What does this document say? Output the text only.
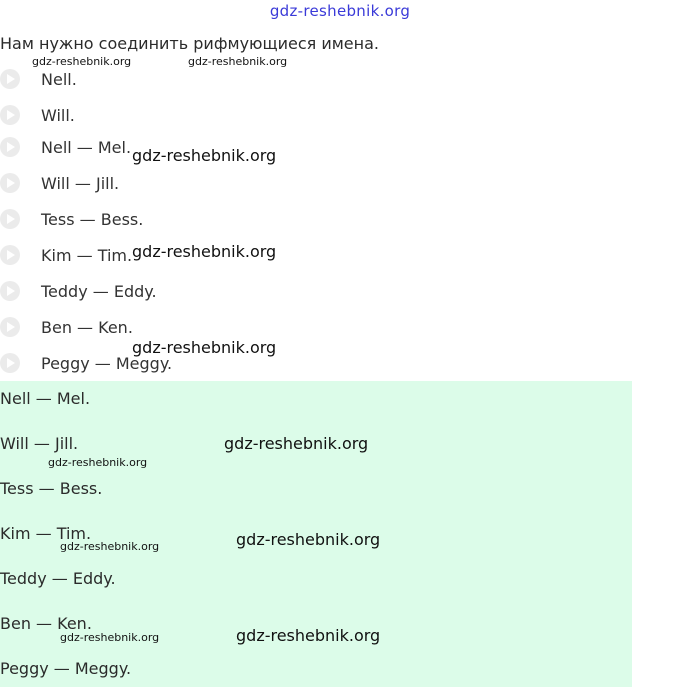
gdz-reshebnik.org
Нам нужно соединить рифмующиеся имена.
gdz-reshebnik.org	gdz-reshebnik.org
Nell.
Will.
Nell — Mel.
Will — Jill.
Tess — Bess.
Kim — Tim.
Teddy — Eddy.
Ben — Ken.
Peggy — Meggy.
gdz-reshebnik.org
gdz-reshebnik.org
gdz-reshebnik.org
Nell — Mel.
Will — Jill.
Tess — Bess.
Kim — Tim.
Teddy — Eddy.
Ben — Ken.
Peggy — Meggy.
gdz-reshebnik.org
gdz-reshebnik.org
gdz-reshebnik.org
gdz-reshebnik.org
gdz-reshebnik.org
gdz-reshebnik.org
